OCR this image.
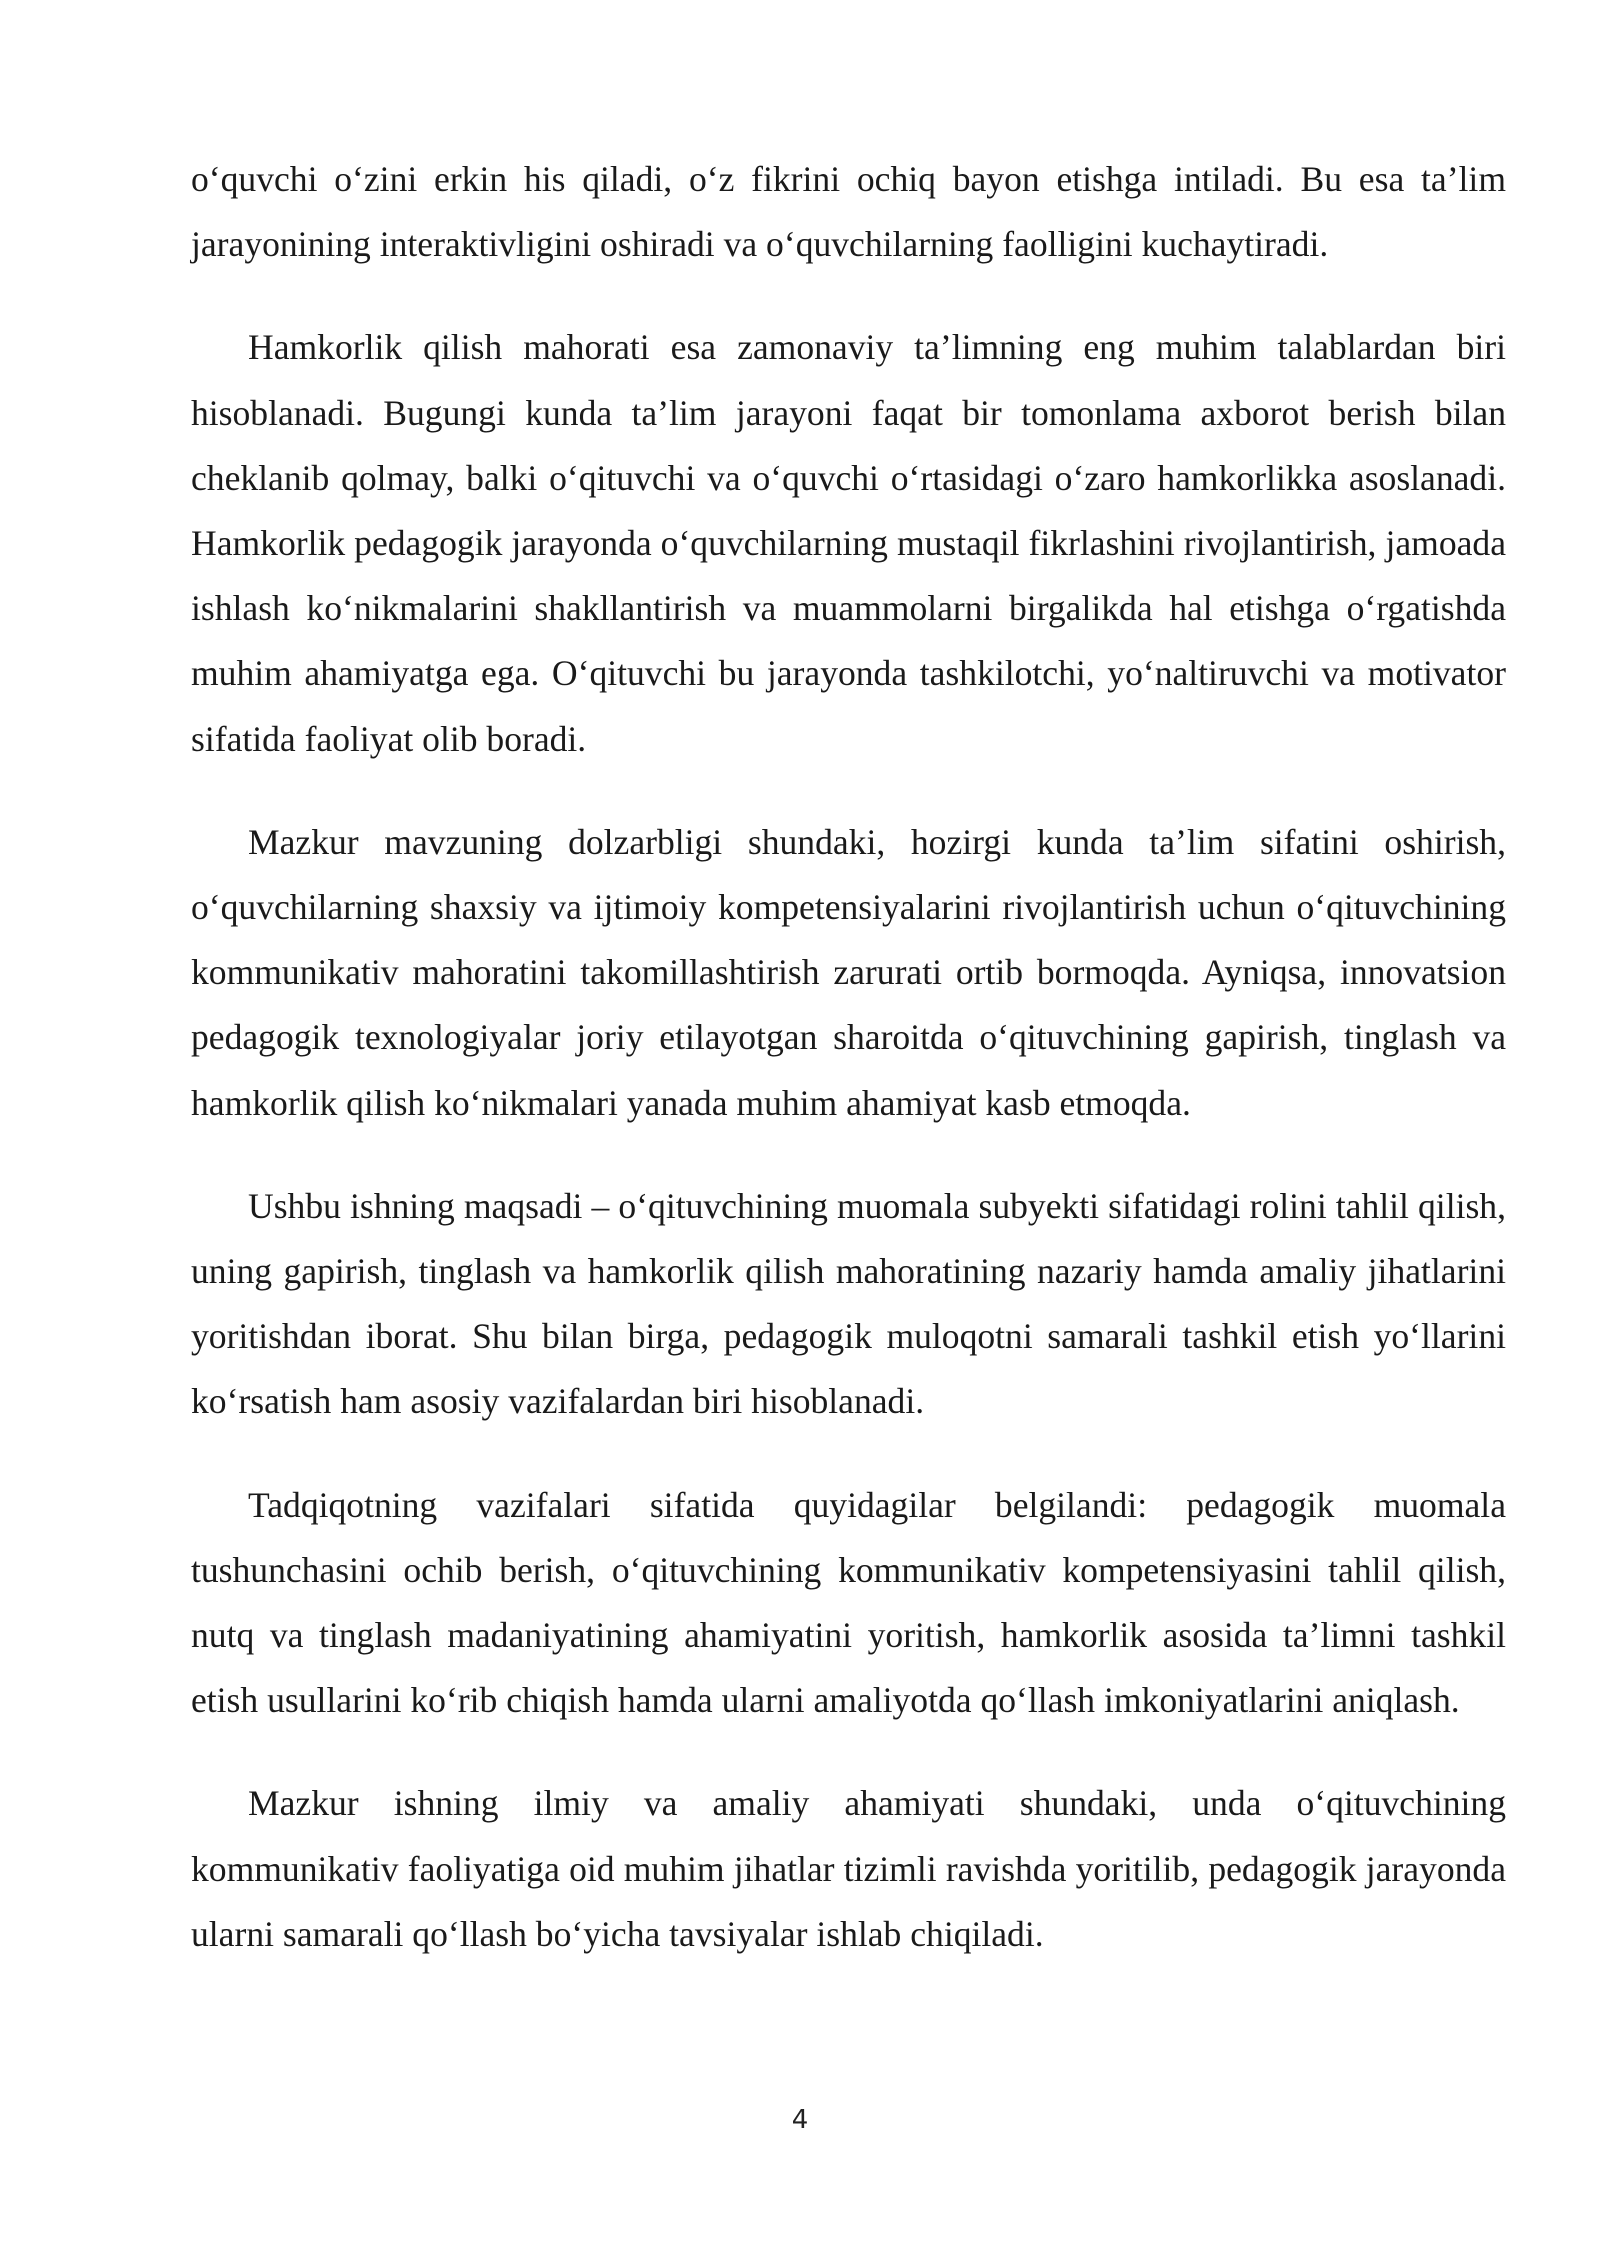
o‘quvchi o‘zini erkin his qiladi, o‘z fikrini ochiq bayon etishga intiladi. Bu esa ta’lim jarayonining interaktivligini oshiradi va o‘quvchilarning faolligini kuchaytiradi.

Hamkorlik qilish mahorati esa zamonaviy ta’limning eng muhim talablardan biri hisoblanadi. Bugungi kunda ta’lim jarayoni faqat bir tomonlama axborot berish bilan cheklanib qolmay, balki o‘qituvchi va o‘quvchi o‘rtasidagi o‘zaro hamkorlikka asoslanadi. Hamkorlik pedagogik jarayonda o‘quvchilarning mustaqil fikrlashini rivojlantirish, jamoada ishlash ko‘nikmalarini shakllantirish va muammolarni birgalikda hal etishga o‘rgatishda muhim ahamiyatga ega. O‘qituvchi bu jarayonda tashkilotchi, yo‘naltiruvchi va motivator sifatida faoliyat olib boradi.

Mazkur mavzuning dolzarbligi shundaki, hozirgi kunda ta’lim sifatini oshirish, o‘quvchilarning shaxsiy va ijtimoiy kompetensiyalarini rivojlantirish uchun o‘qituvchining kommunikativ mahoratini takomillashtirish zarurati ortib bormoqda. Ayniqsa, innovatsion pedagogik texnologiyalar joriy etilayotgan sharoitda o‘qituvchining gapirish, tinglash va hamkorlik qilish ko‘nikmalari yanada muhim ahamiyat kasb etmoqda.

Ushbu ishning maqsadi – o‘qituvchining muomala subyekti sifatidagi rolini tahlil qilish, uning gapirish, tinglash va hamkorlik qilish mahoratining nazariy hamda amaliy jihatlarini yoritishdan iborat. Shu bilan birga, pedagogik muloqotni samarali tashkil etish yo‘llarini ko‘rsatish ham asosiy vazifalardan biri hisoblanadi.

Tadqiqotning vazifalari sifatida quyidagilar belgilandi: pedagogik muomala tushunchasini ochib berish, o‘qituvchining kommunikativ kompetensiyasini tahlil qilish, nutq va tinglash madaniyatining ahamiyatini yoritish, hamkorlik asosida ta’limni tashkil etish usullarini ko‘rib chiqish hamda ularni amaliyotda qo‘llash imkoniyatlarini aniqlash.

Mazkur ishning ilmiy va amaliy ahamiyati shundaki, unda o‘qituvchining kommunikativ faoliyatiga oid muhim jihatlar tizimli ravishda yoritilib, pedagogik jarayonda ularni samarali qo‘llash bo‘yicha tavsiyalar ishlab chiqiladi.

4
